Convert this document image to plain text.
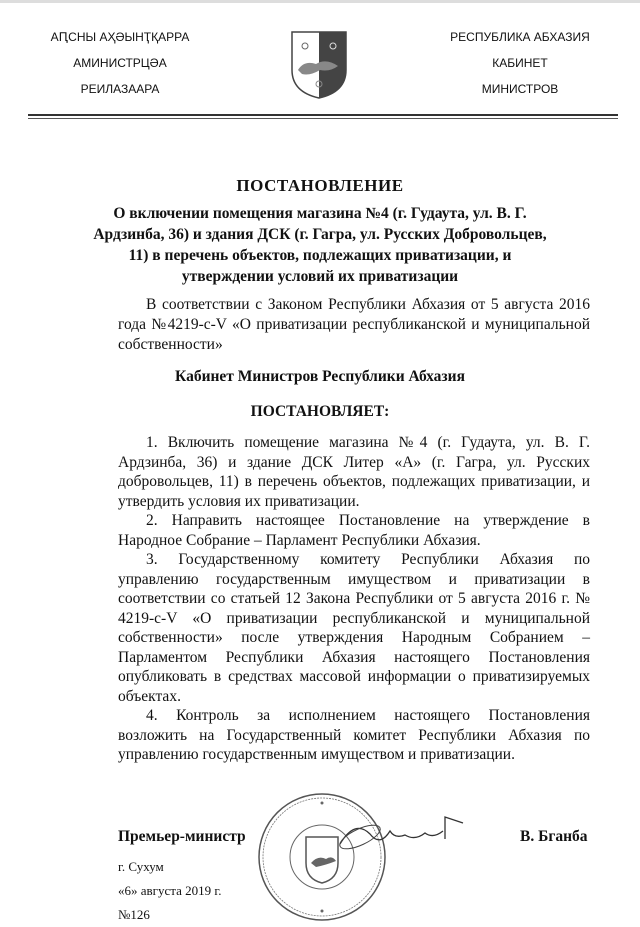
АԤСНЫ АҲӘЫНҬҚАРРА
АМИНИСТРЦӘА
РЕИЛАЗААРА
РЕСПУБЛИКА АБХАЗИЯ
КАБИНЕТ
МИНИСТРОВ
ПОСТАНОВЛЕНИЕ
О включении помещения магазина №4 (г. Гудаута, ул. В. Г. Ардзинба, 36) и здания ДСК (г. Гагра, ул. Русских Добровольцев, 11) в перечень объектов, подлежащих приватизации, и утверждении условий их приватизации

В соответствии с Законом Республики Абхазия от 5 августа 2016 года №4219-с-V «О приватизации республиканской и муниципальной собственности»

Кабинет Министров Республики Абхазия
ПОСТАНОВЛЯЕТ:

1. Включить помещение магазина №4 (г. Гудаута, ул. В. Г. Ардзинба, 36) и здание ДСК Литер «А» (г. Гагра, ул. Русских добровольцев, 11) в перечень объектов, подлежащих приватизации, и утвердить условия их приватизации.

2. Направить настоящее Постановление на утверждение в Народное Собрание – Парламент Республики Абхазия.

3. Государственному комитету Республики Абхазия по управлению государственным имуществом и приватизации в соответствии со статьей 12 Закона Республики от 5 августа 2016 г. № 4219-с-V «О приватизации республиканской и муниципальной собственности» после утверждения Народным Собранием – Парламентом Республики Абхазия настоящего Постановления опубликовать в средствах массовой информации о приватизируемых объектах.

4. Контроль за исполнением настоящего Постановления возложить на Государственный комитет Республики Абхазия по управлению государственным имуществом и приватизации.

Премьер-министр	В. Бганба
г. Сухум
«6» августа 2019 г.
№126
